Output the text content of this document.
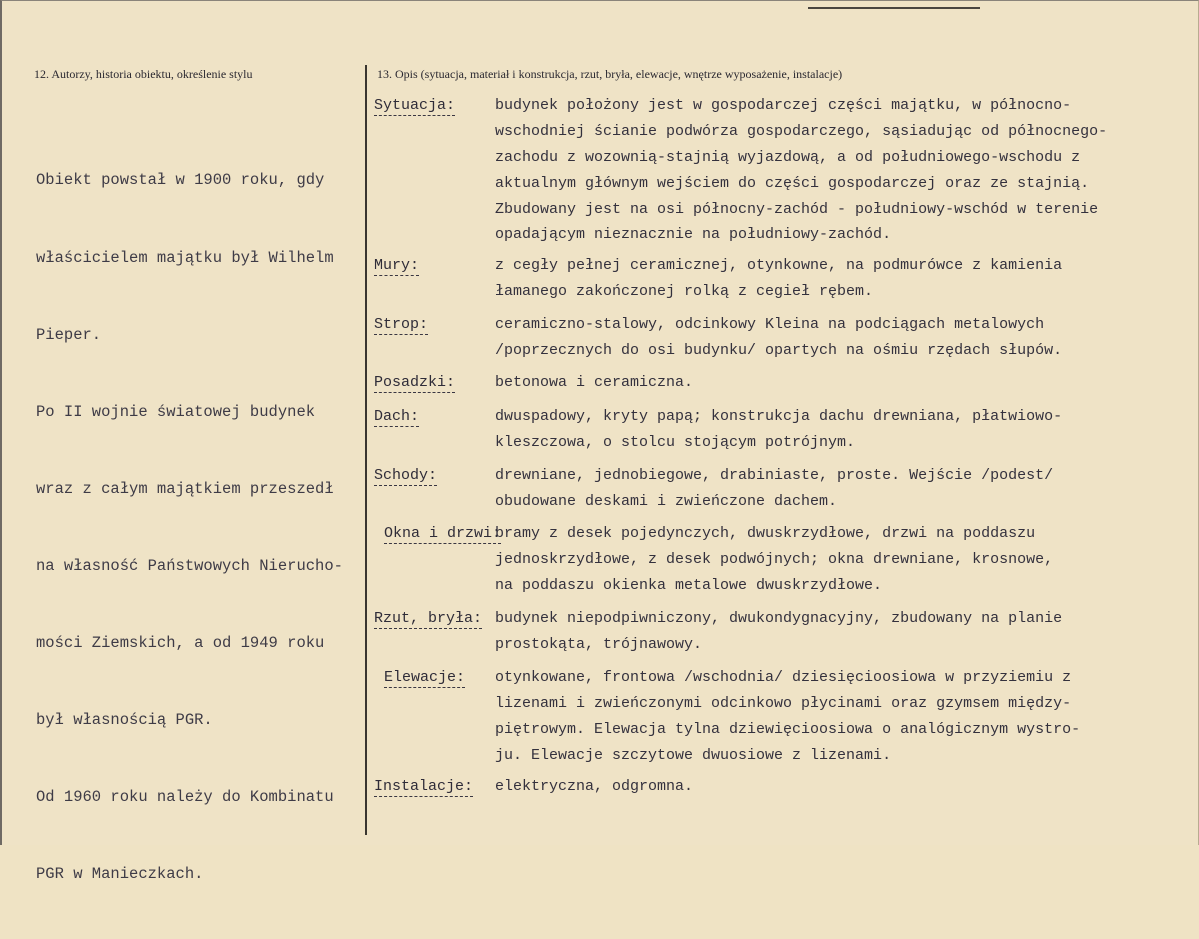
12. Autorzy, historia obiektu, określenie stylu	13. Opis (sytuacja, materiał i konstrukcja, rzut, bryła, elewacje, wnętrze wyposażenie, instalacje)

Obiekt powstał w 1900 roku, gdy

właścicielem majątku był Wilhelm

Pieper.

Po II wojnie światowej budynek

wraz z całym majątkiem przeszedł

na własność Państwowych Nierucho-

mości Ziemskich, a od 1949 roku

był własnością PGR.

Od 1960 roku należy do Kombinatu

PGR w Manieczkach.

Sytuacja:	budynek położony jest w gospodarczej części majątku, w północno-
wschodniej ścianie podwórza gospodarczego, sąsiadując od północnego-
zachodu z wozownią-stajnią wyjazdową, a od południowego-wschodu z
aktualnym głównym wejściem do części gospodarczej oraz ze stajnią.
Zbudowany jest na osi północny-zachód - południowy-wschód w terenie
opadającym nieznacznie na południowy-zachód.
Mury:	z cegły pełnej ceramicznej, otynkowne, na podmurówce z kamienia
łamanego zakończonej rolką z cegieł rębem.
Strop:	ceramiczno-stalowy, odcinkowy Kleina na podciągach metalowych
/poprzecznych do osi budynku/ opartych na ośmiu rzędach słupów.
Posadzki:	betonowa i ceramiczna.
Dach:	dwuspadowy, kryty papą; konstrukcja dachu drewniana, płatwiowo-
kleszczowa, o stolcu stojącym potrójnym.
Schody:	drewniane, jednobiegowe, drabiniaste, proste. Wejście /podest/
obudowane deskami i zwieńczone dachem.
Okna i drzwi:
bramy z desek pojedynczych, dwuskrzydłowe, drzwi na poddaszu
jednoskrzydłowe, z desek podwójnych; okna drewniane, krosnowe,
na poddaszu okienka metalowe dwuskrzydłowe.
Rzut, bryła: budynek niepodpiwniczony, dwukondygnacyjny, zbudowany na planie
prostokąta, trójnawowy.
Elewacje:	otynkowane, frontowa /wschodnia/ dziesięcioosiowa w przyziemiu z
lizenami i zwieńczonymi odcinkowo płycinami oraz gzymsem między-
piętrowym. Elewacja tylna dziewięcioosiowa o analógicznym wystro-
ju. Elewacje szczytowe dwuosiowe z lizenami.
Instalacje:	elektryczna, odgromna.
